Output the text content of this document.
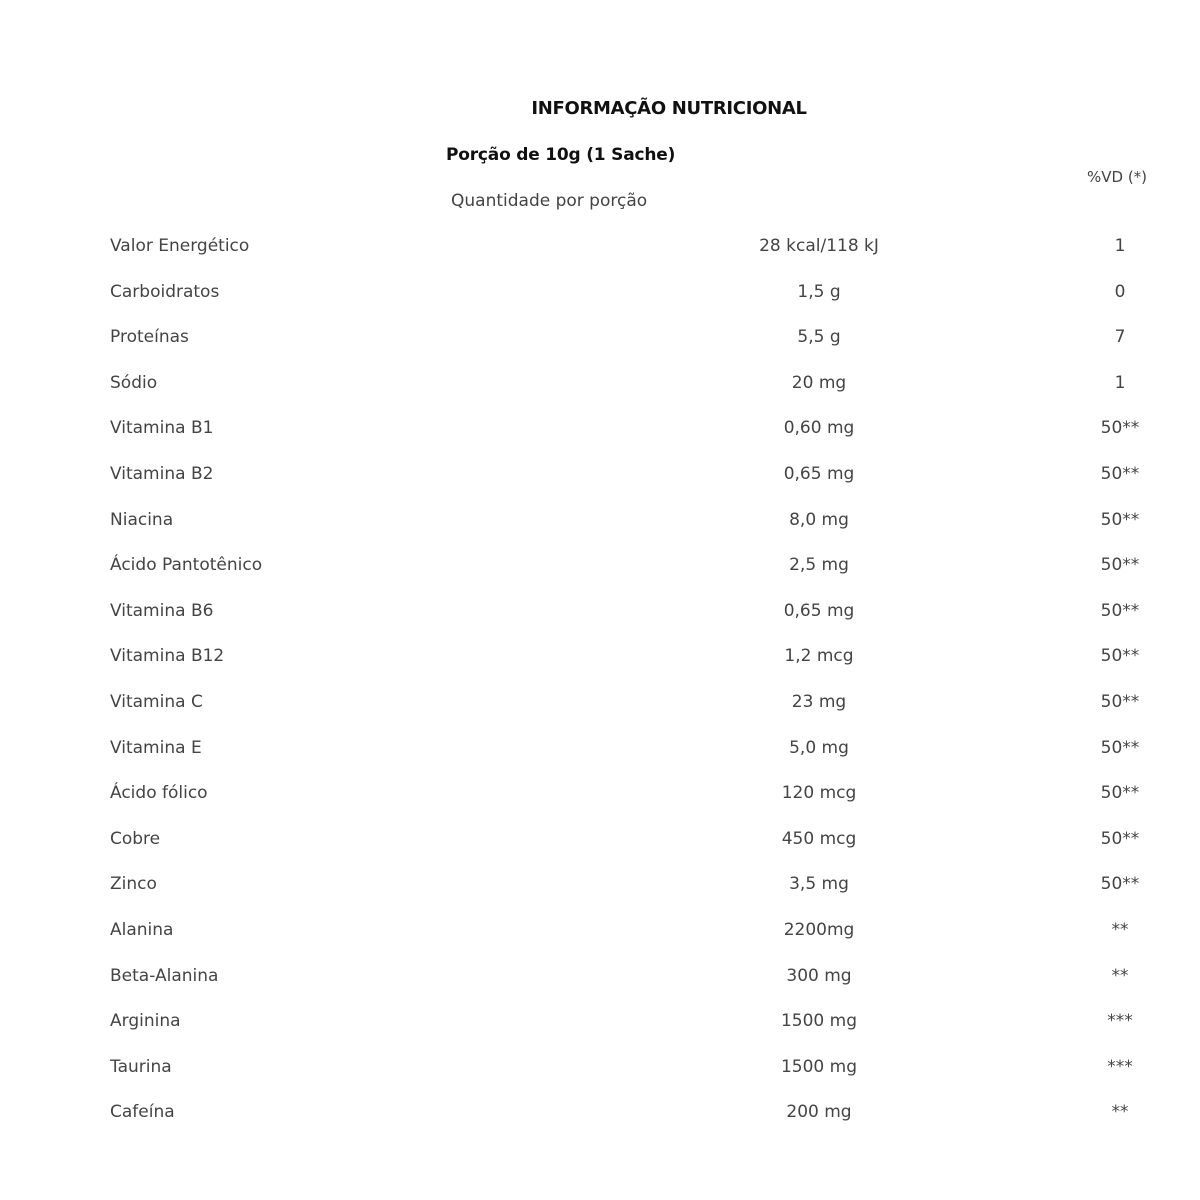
INFORMAÇÃO NUTRICIONAL
Porção de 10g (1 Sache)
Quantidade por porção
%VD (*)
Valor Energético	28 kcal/118 kJ	1
Carboidratos	1,5 g	0
Proteínas	5,5 g	7
Sódio	20 mg	1
Vitamina B1	0,60 mg	50**
Vitamina B2	0,65 mg	50**
Niacina	8,0 mg	50**
Ácido Pantotênico	2,5 mg	50**
Vitamina B6	0,65 mg	50**
Vitamina B12	1,2 mcg	50**
Vitamina C	23 mg	50**
Vitamina E	5,0 mg	50**
Ácido fólico	120 mcg	50**
Cobre	450 mcg	50**
Zinco	3,5 mg	50**
Alanina	2200mg	**
Beta-Alanina	300 mg	**
Arginina	1500 mg	***
Taurina	1500 mg	***
Cafeína	200 mg	**
